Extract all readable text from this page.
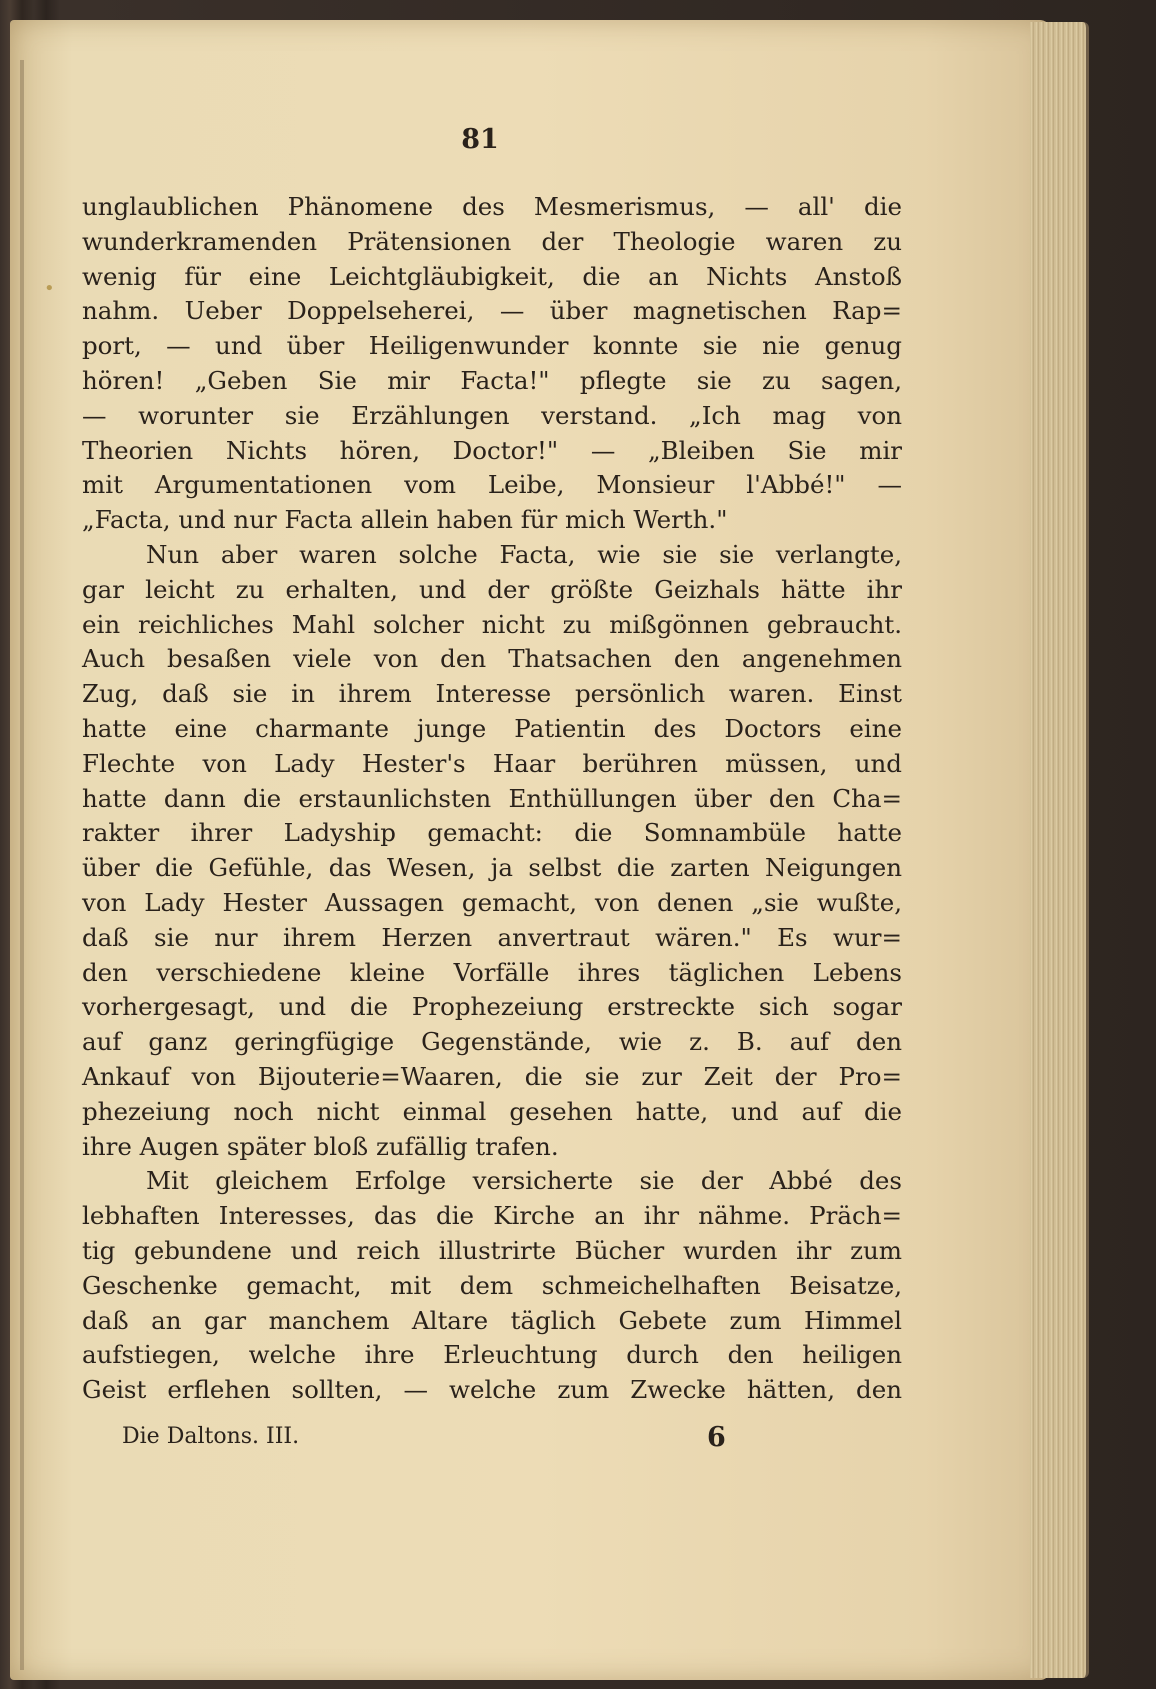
•
81
unglaublichen Phänomene des Mesmerismus, — all' die
wunderkramenden Prätensionen der Theologie waren zu
wenig für eine Leichtgläubigkeit, die an Nichts Anstoß
nahm. Ueber Doppelseherei, — über magnetischen Rap=
port, — und über Heiligenwunder konnte sie nie genug
hören! „Geben Sie mir Facta!" pflegte sie zu sagen,
— worunter sie Erzählungen verstand. „Ich mag von
Theorien Nichts hören, Doctor!" — „Bleiben Sie mir
mit Argumentationen vom Leibe, Monsieur l'Abbé!" —
„Facta, und nur Facta allein haben für mich Werth."
Nun aber waren solche Facta, wie sie sie verlangte,
gar leicht zu erhalten, und der größte Geizhals hätte ihr
ein reichliches Mahl solcher nicht zu mißgönnen gebraucht.
Auch besaßen viele von den Thatsachen den angenehmen
Zug, daß sie in ihrem Interesse persönlich waren. Einst
hatte eine charmante junge Patientin des Doctors eine
Flechte von Lady Hester's Haar berühren müssen, und
hatte dann die erstaunlichsten Enthüllungen über den Cha=
rakter ihrer Ladyship gemacht: die Somnambüle hatte
über die Gefühle, das Wesen, ja selbst die zarten Neigungen
von Lady Hester Aussagen gemacht, von denen „sie wußte,
daß sie nur ihrem Herzen anvertraut wären." Es wur=
den verschiedene kleine Vorfälle ihres täglichen Lebens
vorhergesagt, und die Prophezeiung erstreckte sich sogar
auf ganz geringfügige Gegenstände, wie z. B. auf den
Ankauf von Bijouterie=Waaren, die sie zur Zeit der Pro=
phezeiung noch nicht einmal gesehen hatte, und auf die
ihre Augen später bloß zufällig trafen.
Mit gleichem Erfolge versicherte sie der Abbé des
lebhaften Interesses, das die Kirche an ihr nähme. Präch=
tig gebundene und reich illustrirte Bücher wurden ihr zum
Geschenke gemacht, mit dem schmeichelhaften Beisatze,
daß an gar manchem Altare täglich Gebete zum Himmel
aufstiegen, welche ihre Erleuchtung durch den heiligen
Geist erflehen sollten, — welche zum Zwecke hätten, den
Die Daltons. III.	6
